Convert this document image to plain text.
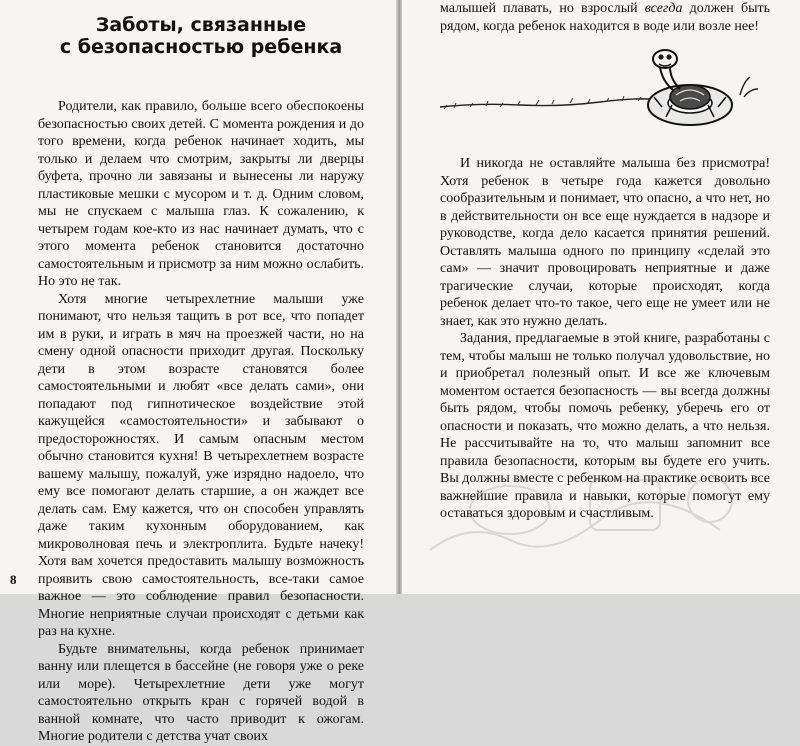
Заботы, связанные
с безопасностью ребенка

Родители, как правило, больше всего обеспокоены безопасностью своих детей. С момента рождения и до того времени, когда ребенок начинает ходить, мы только и делаем что смотрим, закрыты ли дверцы буфета, прочно ли завязаны и вынесены ли наружу пластиковые мешки с мусором и т. д. Одним словом, мы не спускаем с малыша глаз. К сожалению, к четырем годам кое-кто из нас начинает думать, что с этого момента ребенок становится достаточно самостоятельным и присмотр за ним можно ослабить. Но это не так.

Хотя многие четырехлетние малыши уже понимают, что нельзя тащить в рот все, что попадет им в руки, и играть в мяч на проезжей части, но на смену одной опасности приходит другая. Поскольку дети в этом возрасте становятся более самостоятельными и любят «все делать сами», они попадают под гипнотическое воздействие этой кажущейся «самостоятельности» и забывают о предосторожностях. И самым опасным местом обычно становится кухня! В четырехлетнем возрасте вашему малышу, пожалуй, уже изрядно надоело, что ему все помогают делать старшие, а он жаждет все делать сам. Ему кажется, что он способен управлять даже таким кухонным оборудованием, как микроволновая печь и электроплита. Будьте начеку! Хотя вам хочется предоставить малышу возможность проявить свою самостоятельность, все-таки самое важное — это соблюдение правил безопасности. Многие неприятные случаи происходят с детьми как раз на кухне.

Будьте внимательны, когда ребенок принимает ванну или плещется в бассейне (не говоря уже о реке или море). Четырехлетние дети уже могут самостоятельно открыть кран с горячей водой в ванной комнате, что часто приводит к ожогам. Многие родители с детства учат своих

8

малышей плавать, но взрослый всегда должен быть рядом, когда ребенок находится в воде или возле нее!

И никогда не оставляйте малыша без присмотра! Хотя ребенок в четыре года кажется довольно сообразительным и понимает, что опасно, а что нет, но в действительности он все еще нуждается в надзоре и руководстве, когда дело касается принятия решений. Оставлять малыша одного по принципу «сделай это сам» — значит провоцировать неприятные и даже трагические случаи, которые происходят, когда ребенок делает что-то такое, чего еще не умеет или не знает, как это нужно делать.

Задания, предлагаемые в этой книге, разработаны с тем, чтобы малыш не только получал удовольствие, но и приобретал полезный опыт. И все же ключевым моментом остается безопасность — вы всегда должны быть рядом, чтобы помочь ребенку, уберечь его от опасности и показать, что можно делать, а что нельзя. Не рассчитывайте на то, что малыш запомнит все правила безопасности, которым вы будете его учить. Вы должны вместе с ребенком на практике освоить все важнейшие правила и навыки, которые помогут ему оставаться здоровым и счастливым.
